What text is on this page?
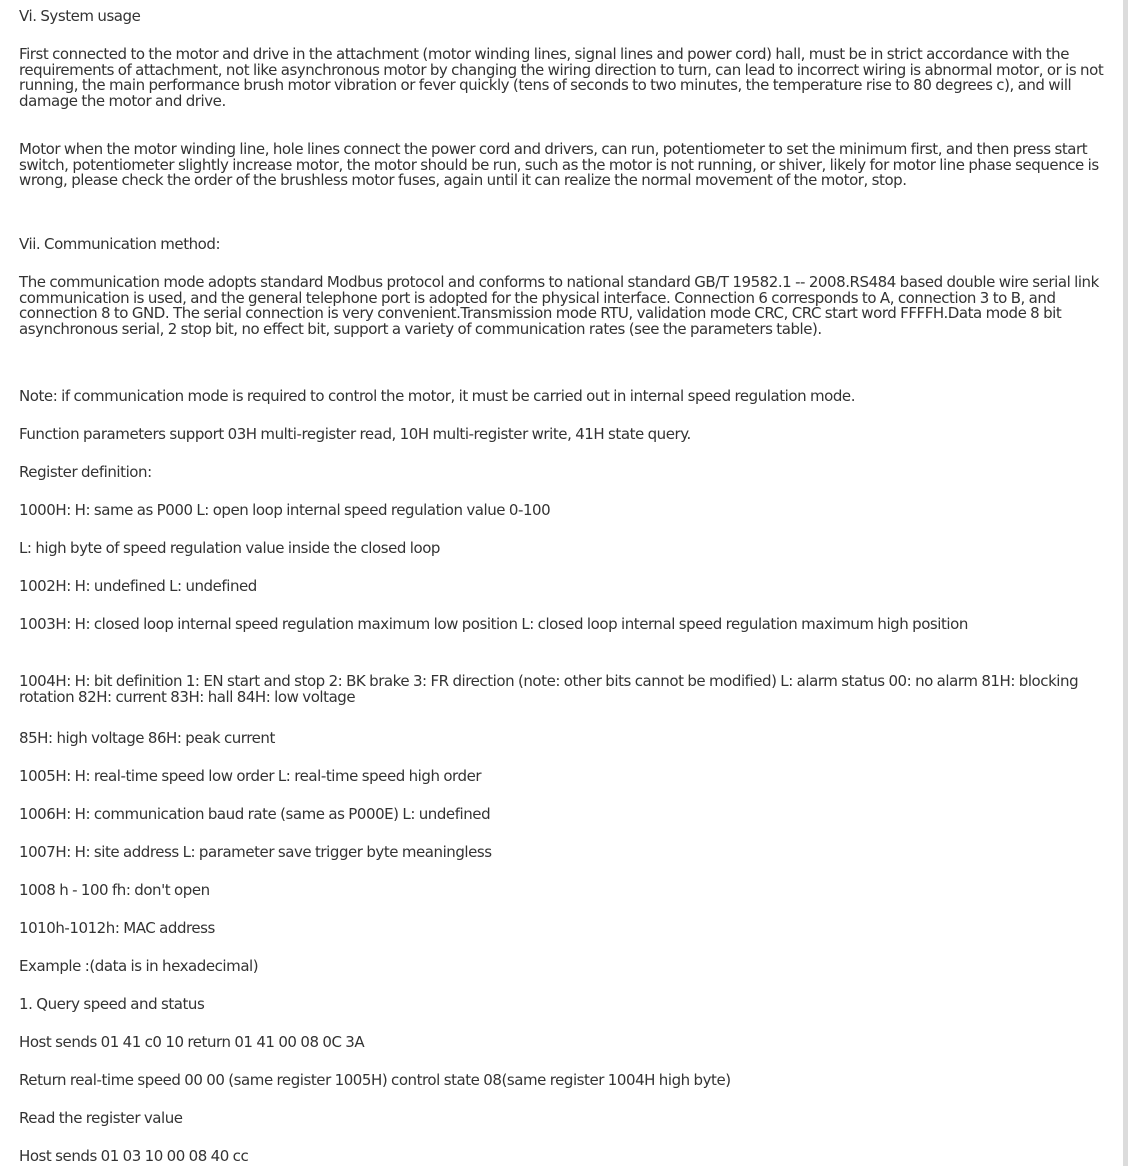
Vi. System usage

First connected to the motor and drive in the attachment (motor winding lines, signal lines and power cord) hall, must be in strict accordance with the requirements of attachment, not like asynchronous motor by changing the wiring direction to turn, can lead to incorrect wiring is abnormal motor, or is not running, the main performance brush motor vibration or fever quickly (tens of seconds to two minutes, the temperature rise to 80 degrees c), and will damage the motor and drive.

Motor when the motor winding line, hole lines connect the power cord and drivers, can run, potentiometer to set the minimum first, and then press start switch, potentiometer slightly increase motor, the motor should be run, such as the motor is not running, or shiver, likely for motor line phase sequence is wrong, please check the order of the brushless motor fuses, again until it can realize the normal movement of the motor, stop.

Vii. Communication method:

The communication mode adopts standard Modbus protocol and conforms to national standard GB/T 19582.1 -- 2008.RS484 based double wire serial link communication is used, and the general telephone port is adopted for the physical interface. Connection 6 corresponds to A, connection 3 to B, and connection 8 to GND. The serial connection is very convenient.Transmission mode RTU, validation mode CRC, CRC start word FFFFH.Data mode 8 bit asynchronous serial, 2 stop bit, no effect bit, support a variety of communication rates (see the parameters table).

Note: if communication mode is required to control the motor, it must be carried out in internal speed regulation mode.

Function parameters support 03H multi-register read, 10H multi-register write, 41H state query.

Register definition:

1000H: H: same as P000 L: open loop internal speed regulation value 0-100

L: high byte of speed regulation value inside the closed loop

1002H: H: undefined L: undefined

1003H: H: closed loop internal speed regulation maximum low position L: closed loop internal speed regulation maximum high position

1004H: H: bit definition 1: EN start and stop 2: BK brake 3: FR direction (note: other bits cannot be modified) L: alarm status 00: no alarm 81H: blocking rotation 82H: current 83H: hall 84H: low voltage

85H: high voltage 86H: peak current

1005H: H: real-time speed low order L: real-time speed high order

1006H: H: communication baud rate (same as P000E) L: undefined

1007H: H: site address L: parameter save trigger byte meaningless

1008 h - 100 fh: don't open

1010h-1012h: MAC address

Example :(data is in hexadecimal)

1. Query speed and status

Host sends 01 41 c0 10 return 01 41 00 08 0C 3A

Return real-time speed 00 00 (same register 1005H) control state 08(same register 1004H high byte)

Read the register value

Host sends 01 03 10 00 08 40 cc
